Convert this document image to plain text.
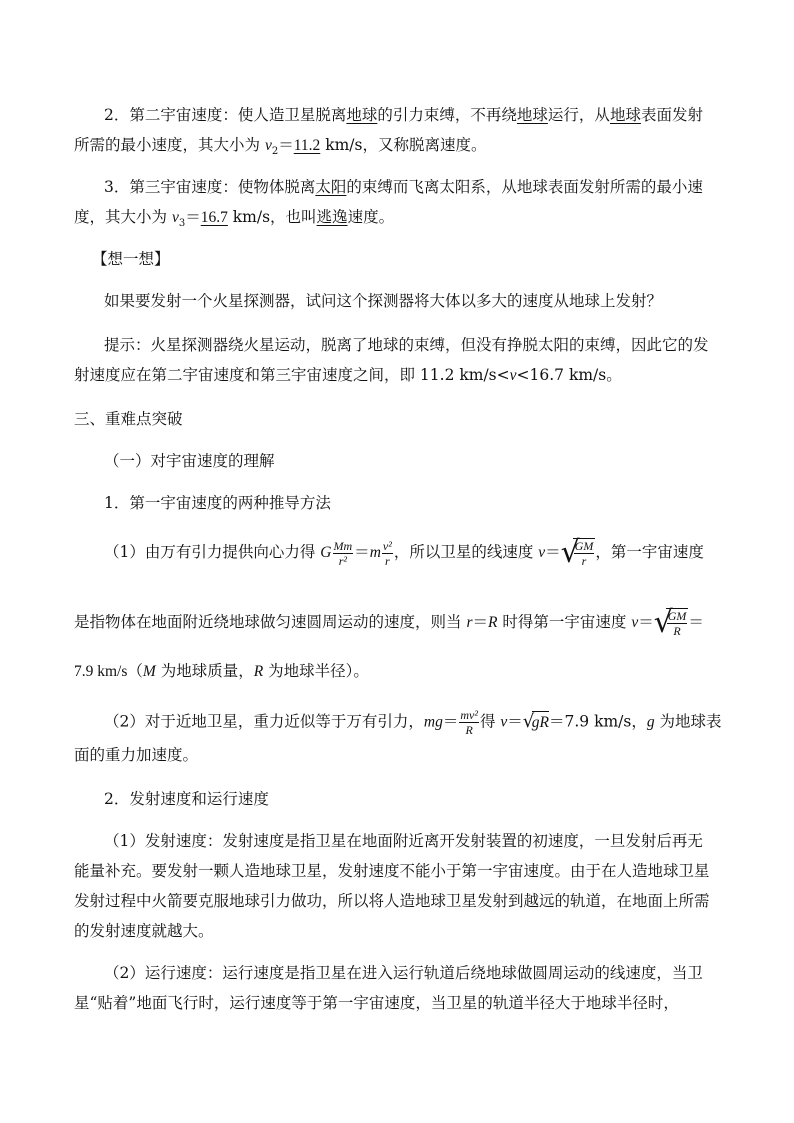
2．第二宇宙速度：使人造卫星脱离地球的引力束缚，不再绕地球运行，从地球表面发射
所需的最小速度，其大小为 $v_2=11.2$ km/s，又称脱离速度。
3．第三宇宙速度：使物体脱离太阳的束缚而飞离太阳系，从地球表面发射所需的最小速
度，其大小为 $v_3=16.7$ km/s，也叫逃逸速度。
【想一想】
如果要发射一个火星探测器，试问这个探测器将大体以多大的速度从地球上发射？
提示：火星探测器绕火星运动，脱离了地球的束缚，但没有挣脱太阳的束缚，因此它的发
射速度应在第二宇宙速度和第三宇宙速度之间，即 11.2 km/s<v<16.7 km/s。
三、重难点突破
（一）对宇宙速度的理解
1．第一宇宙速度的两种推导方法
（1）由万有引力提供向心力得 G $\frac{Mm}{\text{r²}} =m \frac{\text{v²}}{r}$ ，所以卫星的线速度 v＝ √
$\frac{GM}{r}$ ，第一宇宙速度
是指物体在地面附近绕地球做匀速圆周运动的速度，则当 r＝R 时得第一宇宙速度 v＝ √
$\frac{GM}{R}$ ＝
7.9 km/s（M 为地球质量，R 为地球半径）。
（2）对于近地卫星，重力近似等于万有引力，$mg= \frac{\text{mv²}}{R}$ 得 v＝ √
gR＝7.9 km/s，g 为地球表
面的重力加速度。
2．发射速度和运行速度
（1）发射速度：发射速度是指卫星在地面附近离开发射装置的初速度，一旦发射后再无
能量补充。要发射一颗人造地球卫星，发射速度不能小于第一宇宙速度。由于在人造地球卫星
发射过程中火箭要克服地球引力做功，所以将人造地球卫星发射到越远的轨道，在地面上所需
的发射速度就越大。
（2）运行速度：运行速度是指卫星在进入运行轨道后绕地球做圆周运动的线速度，当卫
星“贴着”地面飞行时，运行速度等于第一宇宙速度，当卫星的轨道半径大于地球半径时，
